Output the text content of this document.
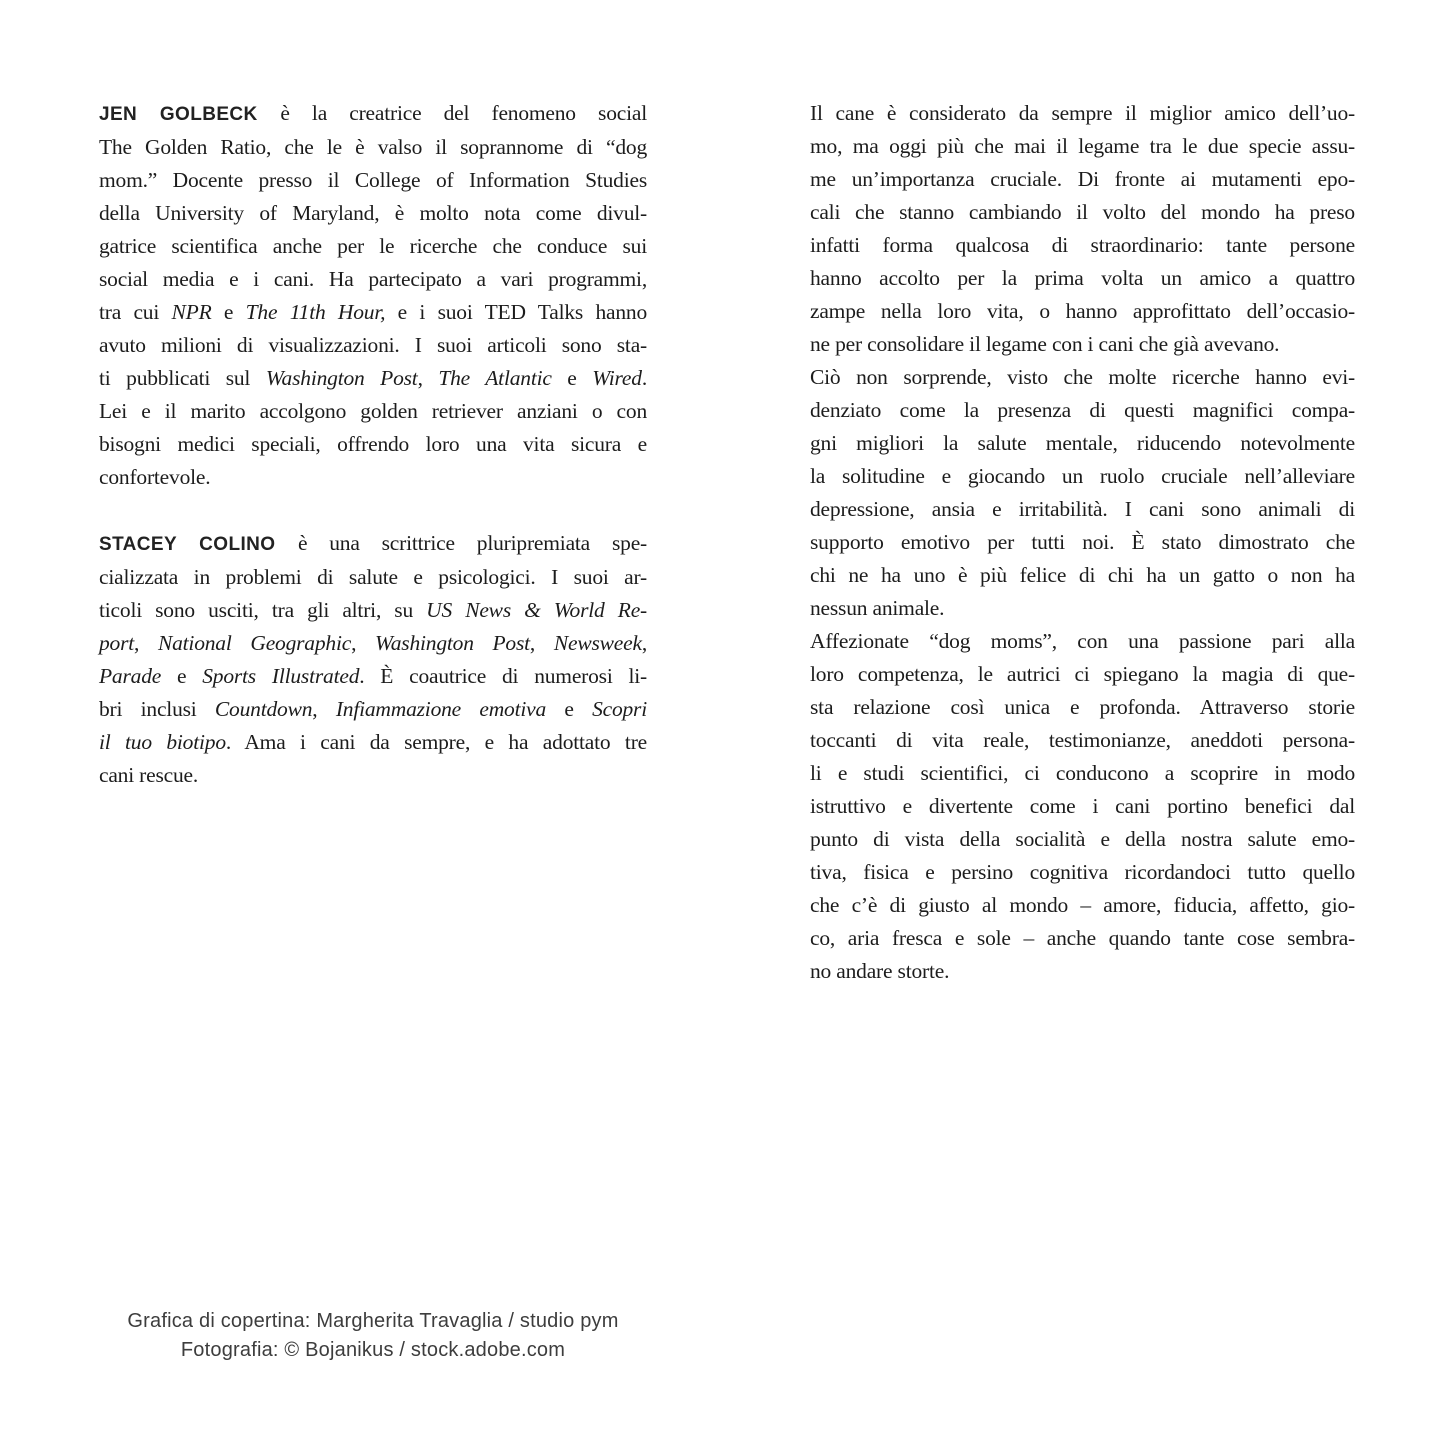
JEN GOLBECK è la creatrice del fenomeno social
The Golden Ratio, che le è valso il soprannome di “dog
mom.” Docente presso il College of Information Studies
della University of Maryland, è molto nota come divul-
gatrice scientifica anche per le ricerche che conduce sui
social media e i cani. Ha partecipato a vari programmi,
tra cui NPR e The 11th Hour, e i suoi TED Talks hanno
avuto milioni di visualizzazioni. I suoi articoli sono sta-
ti pubblicati sul Washington Post, The Atlantic e Wired.
Lei e il marito accolgono golden retriever anziani o con
bisogni medici speciali, offrendo loro una vita sicura e
confortevole.
STACEY COLINO è una scrittrice pluripremiata spe-
cializzata in problemi di salute e psicologici. I suoi ar-
ticoli sono usciti, tra gli altri, su US News & World Re-
port, National Geographic, Washington Post, Newsweek,
Parade e Sports Illustrated. È coautrice di numerosi li-
bri inclusi Countdown, Infiammazione emotiva e Scopri
il tuo biotipo. Ama i cani da sempre, e ha adottato tre
cani rescue.
Il cane è considerato da sempre il miglior amico dell’uo-
mo, ma oggi più che mai il legame tra le due specie assu-
me un’importanza cruciale. Di fronte ai mutamenti epo-
cali che stanno cambiando il volto del mondo ha preso
infatti forma qualcosa di straordinario: tante persone
hanno accolto per la prima volta un amico a quattro
zampe nella loro vita, o hanno approfittato dell’occasio-
ne per consolidare il legame con i cani che già avevano.
Ciò non sorprende, visto che molte ricerche hanno evi-
denziato come la presenza di questi magnifici compa-
gni migliori la salute mentale, riducendo notevolmente
la solitudine e giocando un ruolo cruciale nell’alleviare
depressione, ansia e irritabilità. I cani sono animali di
supporto emotivo per tutti noi. È stato dimostrato che
chi ne ha uno è più felice di chi ha un gatto o non ha
nessun animale.
Affezionate “dog moms”, con una passione pari alla
loro competenza, le autrici ci spiegano la magia di que-
sta relazione così unica e profonda. Attraverso storie
toccanti di vita reale, testimonianze, aneddoti persona-
li e studi scientifici, ci conducono a scoprire in modo
istruttivo e divertente come i cani portino benefici dal
punto di vista della socialità e della nostra salute emo-
tiva, fisica e persino cognitiva ricordandoci tutto quello
che c’è di giusto al mondo – amore, fiducia, affetto, gio-
co, aria fresca e sole – anche quando tante cose sembra-
no andare storte.
Grafica di copertina: Margherita Travaglia / studio pym
Fotografia: © Bojanikus / stock.adobe.com
